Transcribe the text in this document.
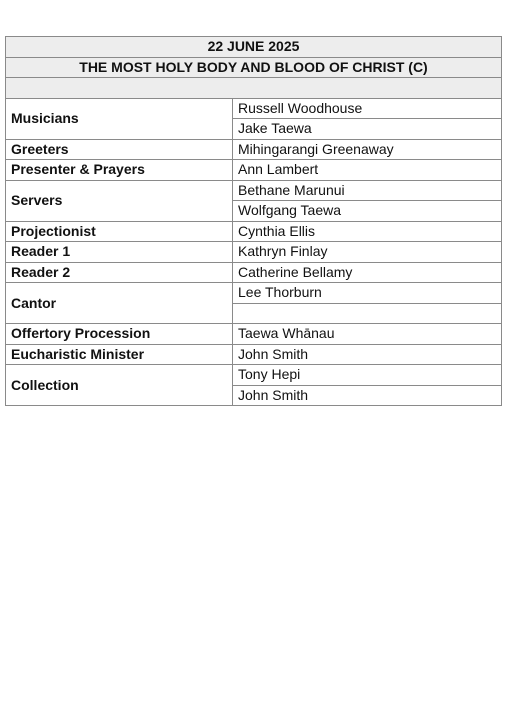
22 JUNE 2025	
THE MOST HOLY BODY AND BLOOD OF CHRIST (C)	

Musicians	Russell Woodhouse
	Jake Taewa
Greeters	Mihingarangi Greenaway
Presenter & Prayers	Ann Lambert
Servers	Bethane Marunui
	Wolfgang Taewa
Projectionist	Cynthia Ellis
Reader 1	Kathryn Finlay
Reader 2	Catherine Bellamy
Cantor	Lee Thorburn

Offertory Procession	Taewa Whānau
Eucharistic Minister	John Smith
Collection	Tony Hepi
	John Smith
